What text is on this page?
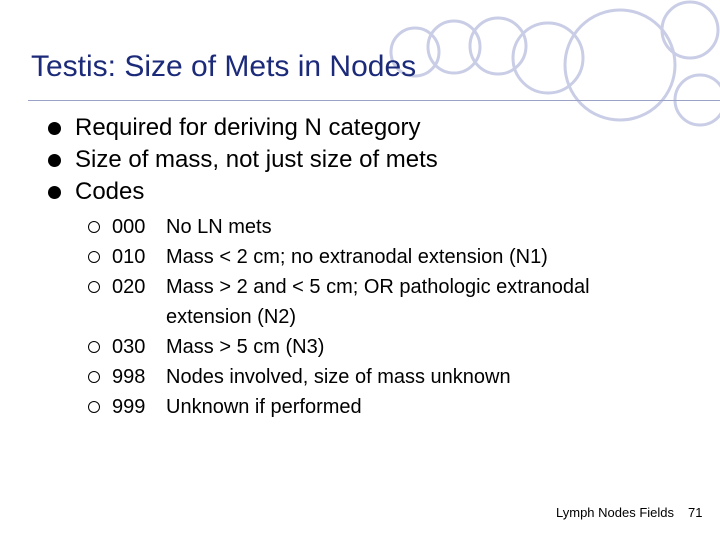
Testis: Size of Mets in Nodes
Required for deriving N category
Size of mass, not just size of mets
Codes
000	No LN mets
010	Mass < 2 cm; no extranodal extension (N1)
020	Mass > 2 and < 5 cm; OR pathologic extranodal extension (N2)
030	Mass > 5 cm (N3)
998	Nodes involved, size of mass unknown
999	Unknown if performed
Lymph Nodes Fields 71
